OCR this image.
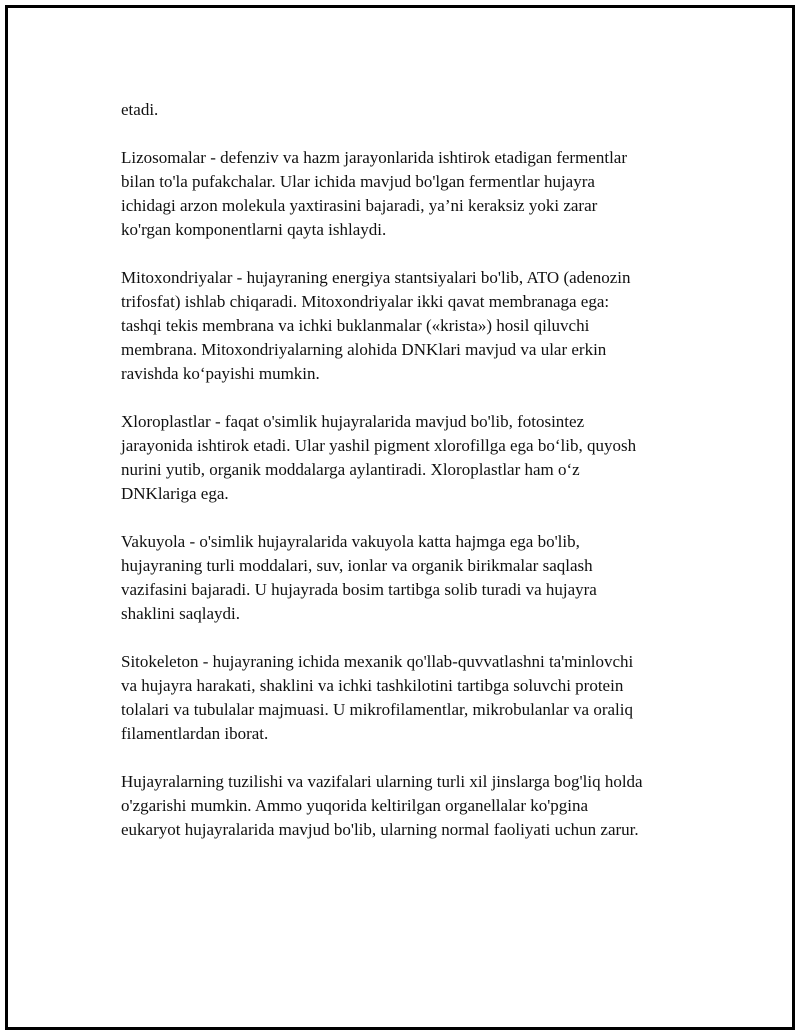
etadi.

Lizosomalar - defenziv va hazm jarayonlarida ishtirok etadigan fermentlar
bilan to'la pufakchalar. Ular ichida mavjud bo'lgan fermentlar hujayra
ichidagi arzon molekula yaxtirasini bajaradi, ya’ni keraksiz yoki zarar
ko'rgan komponentlarni qayta ishlaydi.

Mitoxondriyalar - hujayraning energiya stantsiyalari bo'lib, ATO (adenozin
trifosfat) ishlab chiqaradi. Mitoxondriyalar ikki qavat membranaga ega:
tashqi tekis membrana va ichki buklanmalar («krista») hosil qiluvchi
membrana. Mitoxondriyalarning alohida DNKlari mavjud va ular erkin
ravishda ko‘payishi mumkin.

Xloroplastlar - faqat o'simlik hujayralarida mavjud bo'lib, fotosintez
jarayonida ishtirok etadi. Ular yashil pigment xlorofillga ega bo‘lib, quyosh
nurini yutib, organik moddalarga aylantiradi. Xloroplastlar ham o‘z
DNKlariga ega.

Vakuyola - o'simlik hujayralarida vakuyola katta hajmga ega bo'lib,
hujayraning turli moddalari, suv, ionlar va organik birikmalar saqlash
vazifasini bajaradi. U hujayrada bosim tartibga solib turadi va hujayra
shaklini saqlaydi.

Sitokeleton - hujayraning ichida mexanik qo'llab-quvvatlashni ta'minlovchi
va hujayra harakati, shaklini va ichki tashkilotini tartibga soluvchi protein
tolalari va tubulalar majmuasi. U mikrofilamentlar, mikrobulanlar va oraliq
filamentlardan iborat.

Hujayralarning tuzilishi va vazifalari ularning turli xil jinslarga bog'liq holda
o'zgarishi mumkin. Ammo yuqorida keltirilgan organellalar ko'pgina
eukaryot hujayralarida mavjud bo'lib, ularning normal faoliyati uchun zarur.
